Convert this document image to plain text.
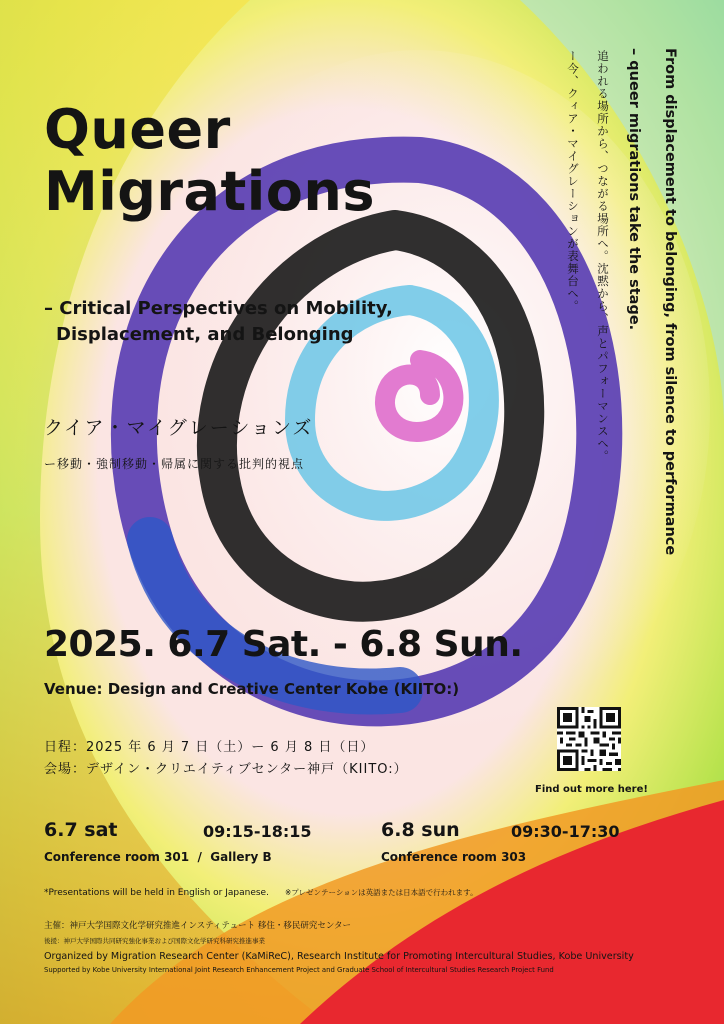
Queer
Migrations
– Critical Perspectives on Mobility,
Displacement, and Belonging
クイア・マイグレーションズ
ー移動・強制移動・帰属に関する批判的視点	From displacement to belonging, from silence to performance
– queer migrations take the stage.
追われる場所から、つながる場所へ。沈黙から、声とパフォーマンスへ。
ー今、クィア・マイグレーションが表舞台へ。
2025. 6.7 Sat. - 6.8 Sun.
Venue: Design and Creative Center Kobe (KIITO:)
日程：2025 年 6 月 7 日（土）ー 6 月 8 日（日）
会場：デザイン・クリエイティブセンター神戸（KIITO:）
Find out more here!
6.7 sat	09:15-18:15
Conference room 301  /  Gallery B
6.8 sun	09:30-17:30
Conference room 303
*Presentations will be held in English or Japanese. ※プレゼンテーションは英語または日本語で行われます。
主催：神戸大学国際文化学研究推進インスティテュート 移住・移民研究センター
後援：神戸大学国際共同研究強化事業および国際文化学研究科研究推進事業
Organized by Migration Research Center (KaMiReC), Research Institute for Promoting Intercultural Studies, Kobe University
Supported by Kobe University International Joint Research Enhancement Project and Graduate School of Intercultural Studies Research Project Fund
